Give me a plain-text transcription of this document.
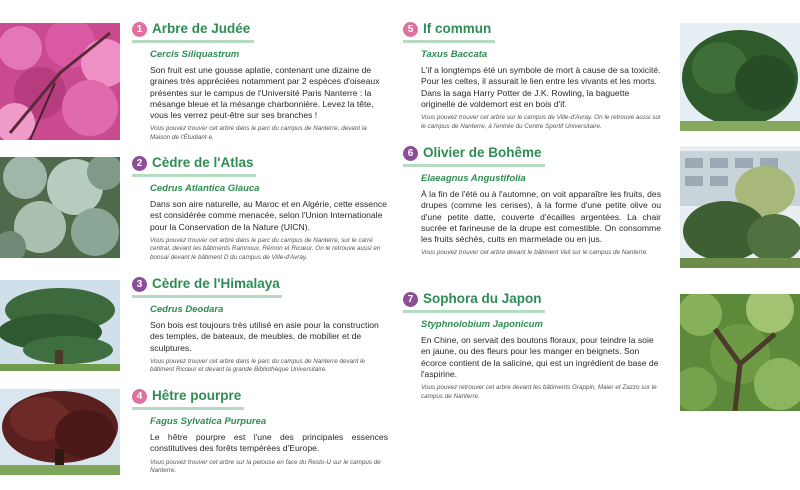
1 Arbre de Judée
Cercis Siliquastrum

Son fruit est une gousse aplatie, contenant une dizaine de graines très appréciées notamment par 2 espèces d'oiseaux présentes sur le campus de l'Université Paris Nanterre : la mésange bleue et la mésange charbonnière. Levez la tête, vous les verrez peut-être sur ses branches !

Vous pouvez trouver cet arbre dans le parc du campus de Nanterre, devant la Maison de l'Étudiant·e.

2 Cèdre de l'Atlas
Cedrus Atlantica Glauca

Dans son aire naturelle, au Maroc et en Algérie, cette essence est considérée comme menacée, selon l'Union Internationale pour la Conservation de la Nature (UICN).

Vous pouvez trouver cet arbre dans le parc du campus de Nanterre, sur le carré central, devant les bâtiments Ramnoux, Rémon et Ricœur. On le retrouve aussi en bonsaï devant le bâtiment D du campus de Ville-d'Avray.

3 Cèdre de l'Himalaya
Cedrus Deodara

Son bois est toujours très utilisé en asie pour la construction des temples, de bateaux, de meubles, de mobilier et de sculptures.

Vous pouvez trouver cet arbre dans le parc du campus de Nanterre devant le bâtiment Ricœur et devant la grande Bibliothèque Universitaire.

4 Hêtre pourpre
Fagus Sylvatica Purpurea

Le hêtre pourpre est l'une des principales essences constitutives des forêts tempérées d'Europe.

Vous pouvez trouver cet arbre sur la pelouse en face du Resto-U sur le campus de Nanterre.

5 If commun
Taxus Baccata

L'if a longtemps été un symbole de mort à cause de sa toxicité. Pour les celtes, il assurait le lien entre les vivants et les morts. Dans la saga Harry Potter de J.K. Rowling, la baguette originelle de voldemort est en bois d'if.

Vous pouvez trouver cet arbre sur le campus de Ville-d'Avray. On le retrouve aussi sur le campus de Nanterre, à l'entrée du Centre Sportif Universitaire.

6 Olivier de Bohême
Elaeagnus Angustifolia

À la fin de l'été ou à l'automne, on voit apparaître les fruits, des drupes (comme les cerises), à la forme d'une petite olive ou d'une petite datte, couverte d'écailles argentées. La chair sucrée et farineuse de la drupe est comestible. On consomme les fruits séchés, cuits en marmelade ou en jus.

Vous pouvez trouver cet arbre devant le bâtiment Veil sur le campus de Nanterre.

7 Sophora du Japon
Styphnolobium Japonicum

En Chine, on servait des boutons floraux, pour teindre la soie en jaune, ou des fleurs pour les manger en beignets. Son écorce contient de la salicine, qui est un ingrédient de base de l'aspirine.

Vous pouvez retrouver cet arbre devant les bâtiments Grappin, Maier et Zazzo sur le campus de Nanterre.
